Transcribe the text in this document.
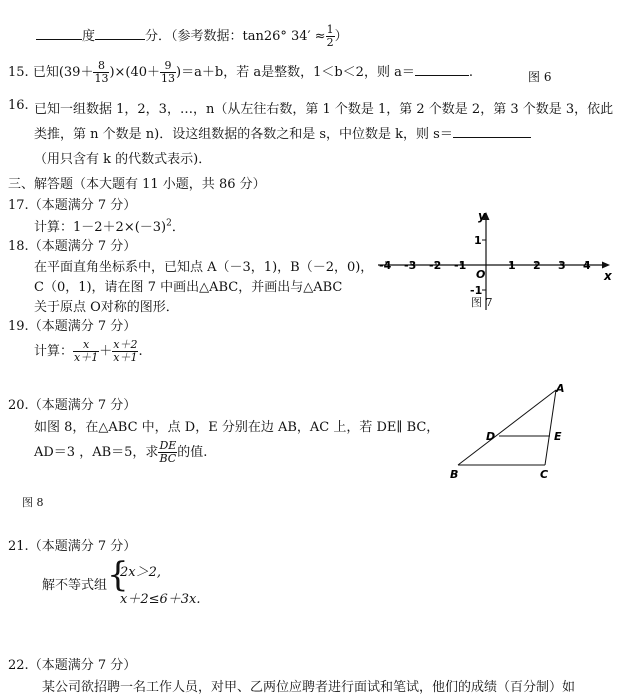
度	分．（参考数据：tan26° $34' \approx \frac{1}{2}$ ）
15. 已知$(39+ \frac{8}{13} )\times(40+ \frac{9}{13} )=a+b$，若 a是整数，1＜b＜2，则 a＝	.	图 6
16. 已知一组数据 1，2，3，…，n（从左往右数，第 1 个数是 1，第 2 个数是 2，第 3 个数是 3，依此
类推，第 n 个数是 n)．设这组数据的各数之和是 s，中位数是 k，则 s＝
（用只含有 k 的代数式表示)．
三、解答题（本大题有 11 小题，共 86 分）
17.（本题满分 7 分）
计算：$1-2+2\times(-3)^2$．
18.（本题满分 7 分）
在平面直角坐标系中，已知点 A（－3，1)，B（－2，0)，
C（0，1)，请在图 7 中画出△ABC，并画出与△ABC
关于原点 O对称的图形．
-4 -3 -2 -1	1 2 3 4
1
-1
O	x
y
图 7
19.（本题满分 7 分）
计算： $\frac{x}{x+1} + \frac{x+2}{x+1}$ .
20.（本题满分 7 分）
如图 8，在△ABC 中，点 D，E 分别在边 AB，AC 上，若 DE∥ BC，
AD＝3 ，AB＝5，求 $\frac{DE}{BC}$ 的值.
A
B	C
D	E
图 8
21.（本题满分 7 分）
解不等式组 {
2x＞2,
x＋2≤6＋3x.
22.（本题满分 7 分）
某公司欲招聘一名工作人员，对甲、乙两位应聘者进行面试和笔试，他们的成绩（百分制）如
